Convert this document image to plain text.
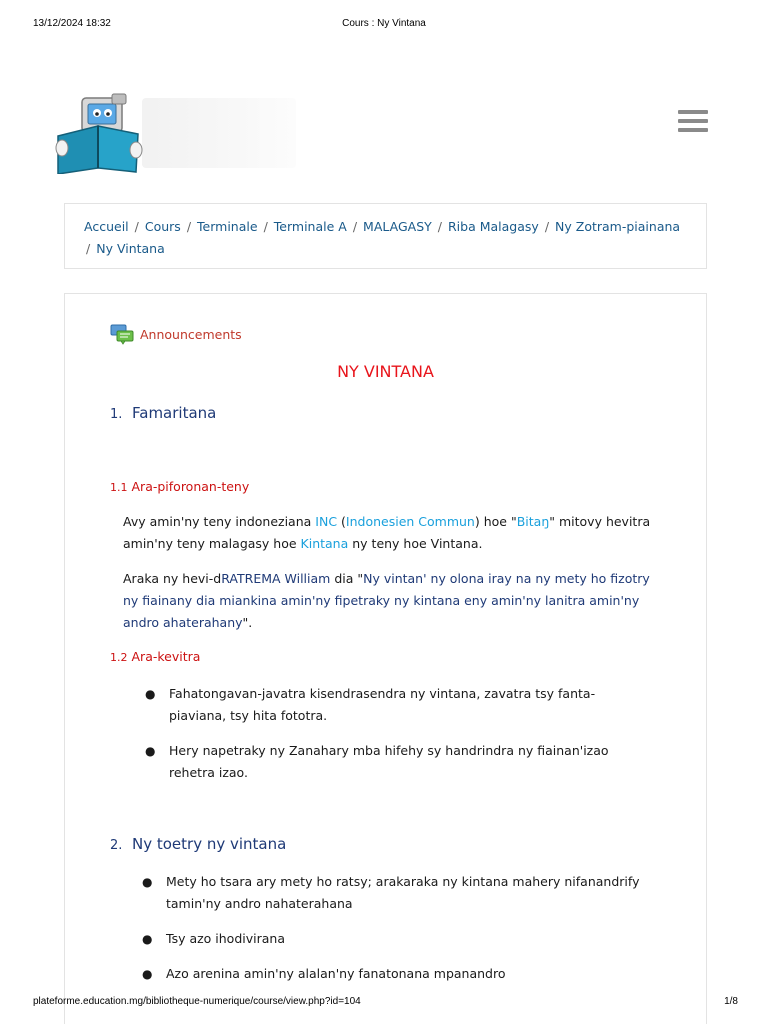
13/12/2024 18:32	Cours : Ny Vintana
Accueil / Cours / Terminale / Terminale A / MALAGASY / Riba Malagasy / Ny Zotram-piainana
/ Ny Vintana
Announcements
NY VINTANA
1. Famaritana
1.1 Ara-piforonan-teny

Avy amin'ny teny indoneziana INC (Indonesien Commun) hoe "Bitaŋ" mitovy hevitra amin'ny teny malagasy hoe Kintana ny teny hoe Vintana.

Araka ny hevi-dRATREMA William dia "Ny vintan' ny olona iray na ny mety ho fizotry ny fiainany dia miankina amin'ny fipetraky ny kintana eny amin'ny lanitra amin'ny andro ahaterahany".

1.2 Ara-kevitra
● Fahatongavan-javatra kisendrasendra ny vintana, zavatra tsy fanta-piaviana, tsy hita fototra.
● Hery napetraky ny Zanahary mba hifehy sy handrindra ny fiainan'izao rehetra izao.
2. Ny toetry ny vintana
● Mety ho tsara ary mety ho ratsy; arakaraka ny kintana mahery nifanandrify tamin'ny andro nahaterahana
● Tsy azo ihodivirana
● Azo arenina amin'ny alalan'ny fanatonana mpanandro
plateforme.education.mg/bibliotheque-numerique/course/view.php?id=104	1/8
